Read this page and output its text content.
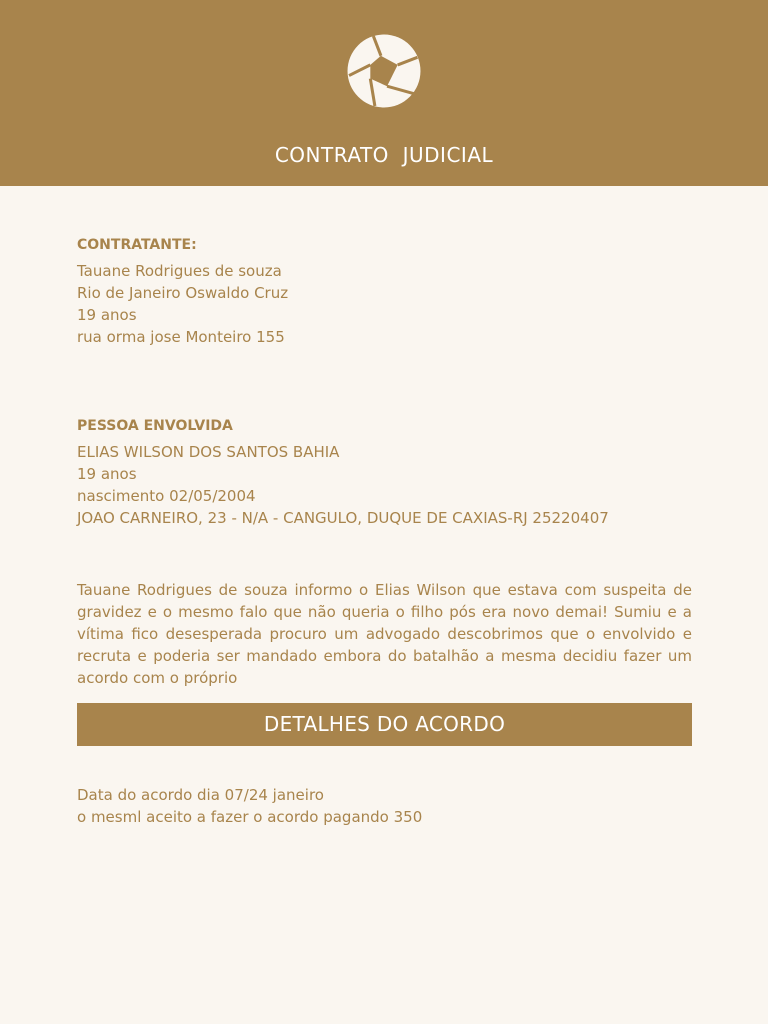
CONTRATO  JUDICIAL

CONTRATANTE:

Tauane Rodrigues de souza

Rio de Janeiro Oswaldo Cruz

19 anos

rua orma jose Monteiro 155

PESSOA ENVOLVIDA

ELIAS WILSON DOS SANTOS BAHIA

19 anos

nascimento 02/05/2004

JOAO CARNEIRO, 23 - N/A - CANGULO, DUQUE DE CAXIAS-RJ 25220407

Tauane Rodrigues de souza informo o Elias Wilson que estava com suspeita de gravidez e o mesmo falo que não queria o filho pós era novo demai! Sumiu e a vítima fico desesperada procuro um advogado descobrimos que o envolvido e recruta e poderia ser mandado embora do batalhão a mesma decidiu fazer um acordo com o próprio

DETALHES DO ACORDO

Data do acordo dia 07/24 janeiro

o mesml aceito a fazer o acordo pagando 350
